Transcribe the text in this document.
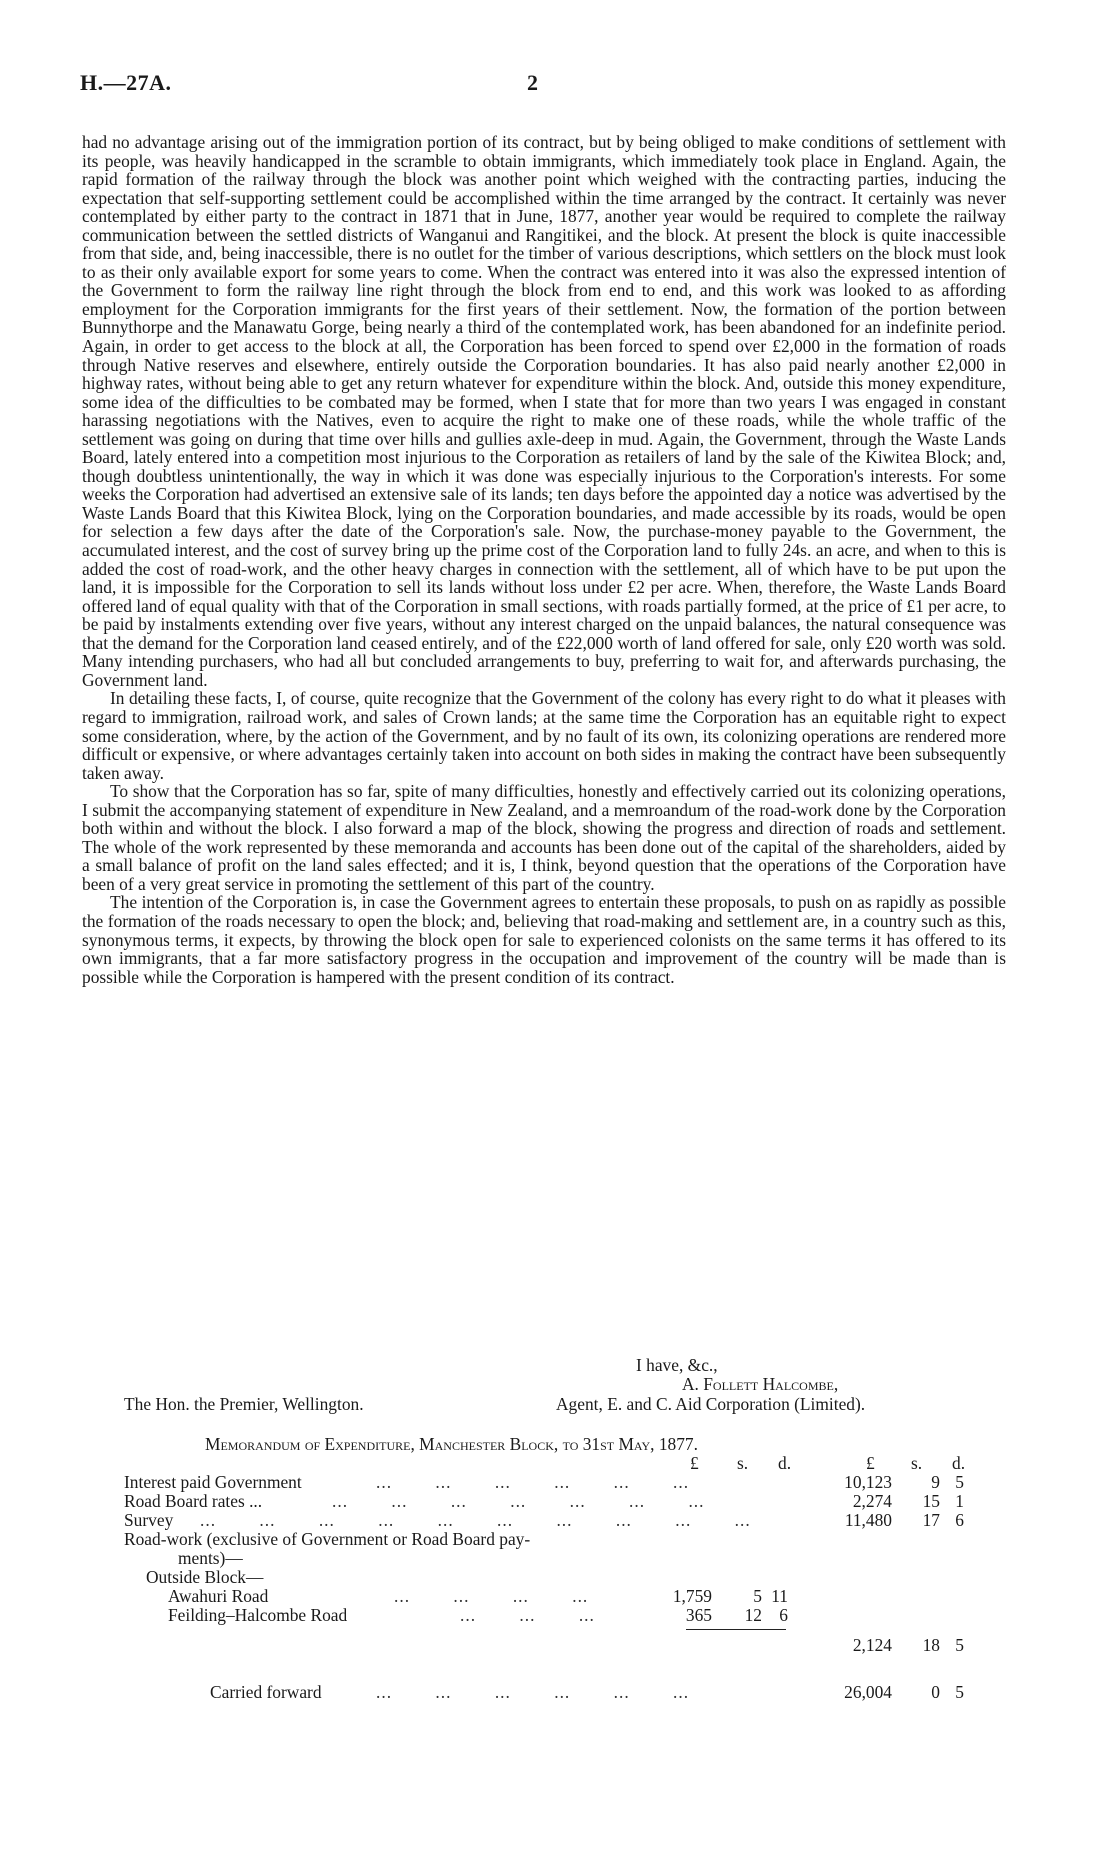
H.—27A.	2

had no advantage arising out of the immigration portion of its contract, but by being obliged to make conditions of settlement with its people, was heavily handicapped in the scramble to obtain immigrants, which immediately took place in England. Again, the rapid formation of the railway through the block was another point which weighed with the contracting parties, inducing the expectation that self-supporting settlement could be accomplished within the time arranged by the contract. It certainly was never contemplated by either party to the contract in 1871 that in June, 1877, another year would be required to complete the railway communication between the settled districts of Wanganui and Rangitikei, and the block. At present the block is quite inaccessible from that side, and, being inaccessible, there is no outlet for the timber of various descriptions, which settlers on the block must look to as their only available export for some years to come. When the contract was entered into it was also the expressed intention of the Government to form the railway line right through the block from end to end, and this work was looked to as affording employment for the Corporation immigrants for the first years of their settlement. Now, the formation of the portion between Bunnythorpe and the Manawatu Gorge, being nearly a third of the contemplated work, has been abandoned for an indefinite period. Again, in order to get access to the block at all, the Corporation has been forced to spend over £2,000 in the formation of roads through Native reserves and elsewhere, entirely outside the Corporation boundaries. It has also paid nearly another £2,000 in highway rates, without being able to get any return whatever for expenditure within the block. And, outside this money expenditure, some idea of the difficulties to be combated may be formed, when I state that for more than two years I was engaged in constant harassing negotiations with the Natives, even to acquire the right to make one of these roads, while the whole traffic of the settlement was going on during that time over hills and gullies axle-deep in mud. Again, the Government, through the Waste Lands Board, lately entered into a competition most injurious to the Corporation as retailers of land by the sale of the Kiwitea Block; and, though doubtless unintentionally, the way in which it was done was especially injurious to the Corporation's interests. For some weeks the Corporation had advertised an extensive sale of its lands; ten days before the appointed day a notice was advertised by the Waste Lands Board that this Kiwitea Block, lying on the Corporation boundaries, and made accessible by its roads, would be open for selection a few days after the date of the Corporation's sale. Now, the purchase-money payable to the Government, the accumulated interest, and the cost of survey bring up the prime cost of the Corporation land to fully 24s. an acre, and when to this is added the cost of road-work, and the other heavy charges in connection with the settlement, all of which have to be put upon the land, it is impossible for the Corporation to sell its lands without loss under £2 per acre. When, therefore, the Waste Lands Board offered land of equal quality with that of the Corporation in small sections, with roads partially formed, at the price of £1 per acre, to be paid by instalments extending over five years, without any interest charged on the unpaid balances, the natural consequence was that the demand for the Corporation land ceased entirely, and of the £22,000 worth of land offered for sale, only £20 worth was sold. Many intending purchasers, who had all but concluded arrangements to buy, preferring to wait for, and afterwards purchasing, the Government land.

In detailing these facts, I, of course, quite recognize that the Government of the colony has every right to do what it pleases with regard to immigration, railroad work, and sales of Crown lands; at the same time the Corporation has an equitable right to expect some consideration, where, by the action of the Government, and by no fault of its own, its colonizing operations are rendered more difficult or expensive, or where advantages certainly taken into account on both sides in making the contract have been subsequently taken away.

To show that the Corporation has so far, spite of many difficulties, honestly and effectively carried out its colonizing operations, I submit the accompanying statement of expenditure in New Zealand, and a memroandum of the road-work done by the Corporation both within and without the block. I also forward a map of the block, showing the progress and direction of roads and settlement. The whole of the work represented by these memoranda and accounts has been done out of the capital of the shareholders, aided by a small balance of profit on the land sales effected; and it is, I think, beyond question that the operations of the Corporation have been of a very great service in promoting the settlement of this part of the country.

The intention of the Corporation is, in case the Government agrees to entertain these proposals, to push on as rapidly as possible the formation of the roads necessary to open the block; and, believing that road-making and settlement are, in a country such as this, synonymous terms, it expects, by throwing the block open for sale to experienced colonists on the same terms it has offered to its own immigrants, that a far more satisfactory progress in the occupation and improvement of the country will be made than is possible while the Corporation is hampered with the present condition of its contract.

I have, &c.,
A. Follett Halcombe,
The Hon. the Premier, Wellington.	Agent, E. and C. Aid Corporation (Limited).
Memorandum of Expenditure, Manchester Block, to 31st May, 1877.
£ s. d.	£ s. d.
Interest paid Government	... ... ... ... ... ...	10,123 9 5
Road Board rates ...	... ... ... ... ... ... ...	2,274 15 1
Survey ... ... ... ... ... ... ... ... ... ...	11,480 17 6
Road-work (exclusive of Government or Road Board pay-
ments)—
Outside Block—
Awahuri Road	... ... ... ...	1,759 5 11
Feilding–Halcombe Road	... ... ...	365 12 6
2,124 18 5
Carried forward	... ... ... ... ... ...	26,004 0 5
